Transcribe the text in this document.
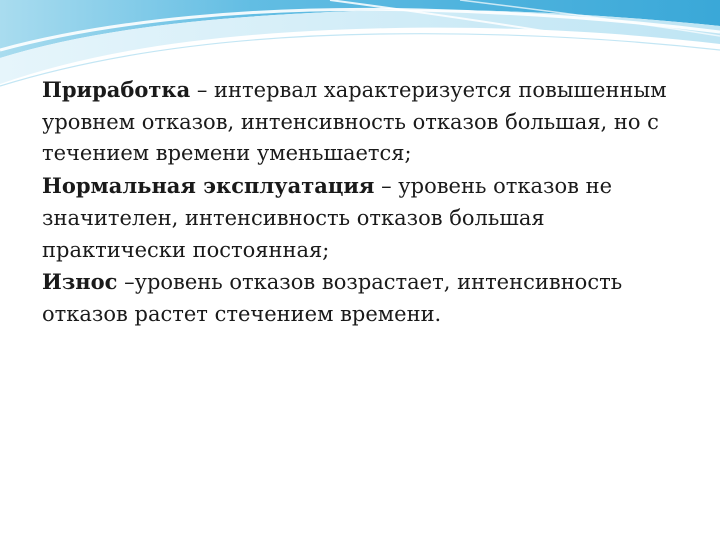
Приработка – интервал характеризуется повышенным уровнем отказов, интенсивность отказов большая, но с течением времени уменьшается;

Нормальная эксплуатация – уровень отказов не значителен, интенсивность отказов большая практически постоянная;

Износ –уровень отказов возрастает, интенсивность отказов растет стечением времени.
